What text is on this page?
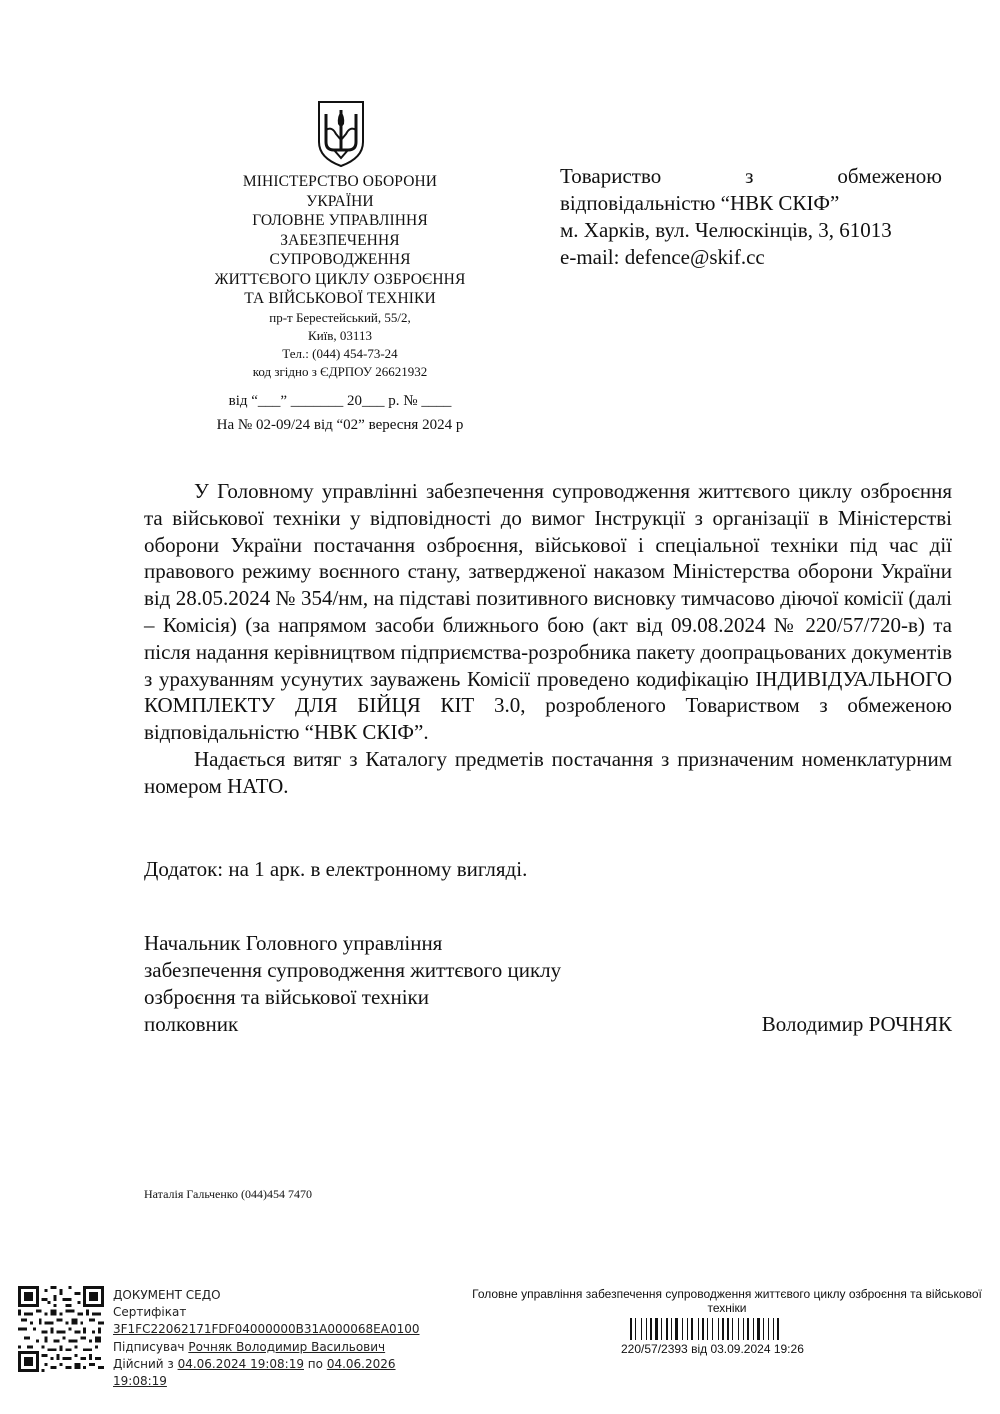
МІНІСТЕРСТВО ОБОРОНИ
УКРАЇНИ
ГОЛОВНЕ УПРАВЛІННЯ
ЗАБЕЗПЕЧЕННЯ
СУПРОВОДЖЕННЯ
ЖИТТЄВОГО ЦИКЛУ ОЗБРОЄННЯ
ТА ВІЙСЬКОВОЇ ТЕХНІКИ
пр-т Берестейський, 55/2,
Київ, 03113
Тел.: (044) 454-73-24
код згідно з ЄДРПОУ 26621932
від “___” _______ 20___ р. № ____
На № 02-09/24 від “02” вересня 2024 р
Товариство	з	обмеженою
відповідальністю “НВК СКІФ”
м. Харків, вул. Челюскінців, 3, 61013
e-mail: defence@skif.cc

У Головному управлінні забезпечення супроводження життєвого циклу озброєння та військової техніки у відповідності до вимог Інструкції з організації в Міністерстві оборони України постачання озброєння, військової і спеціальної техніки під час дії правового режиму воєнного стану, затвердженої наказом Міністерства оборони України від 28.05.2024 № 354/нм, на підставі позитивного висновку тимчасово діючої комісії (далі – Комісія) (за напрямом засоби ближнього бою (акт від 09.08.2024 № 220/57/720-в) та після надання керівництвом підприємства-розробника пакету доопрацьованих документів з урахуванням усунутих зауважень Комісії проведено кодифікацію ІНДИВІДУАЛЬНОГО КОМПЛЕКТУ ДЛЯ БІЙЦЯ КІТ 3.0, розробленого Товариством з обмеженою відповідальністю “НВК СКІФ”.

Надається витяг з Каталогу предметів постачання з призначеним номенклатурним номером НАТО.

Додаток: на 1 арк. в електронному вигляді.
Начальник Головного управління
забезпечення супроводження життєвого циклу
озброєння та військової техніки
полковник	Володимир РОЧНЯК
Наталія Гальченко (044)454 7470
ДОКУМЕНТ СЕДО
Сертифікат
3F1FC22062171FDF04000000B31A000068EA0100
Підписувач Рочняк Володимир Васильович
Дійсний з 04.06.2024 19:08:19 по 04.06.2026
19:08:19
Головне управління забезпечення супроводження життєвого циклу озброєння та військової техніки
220/57/2393 від 03.09.2024 19:26
